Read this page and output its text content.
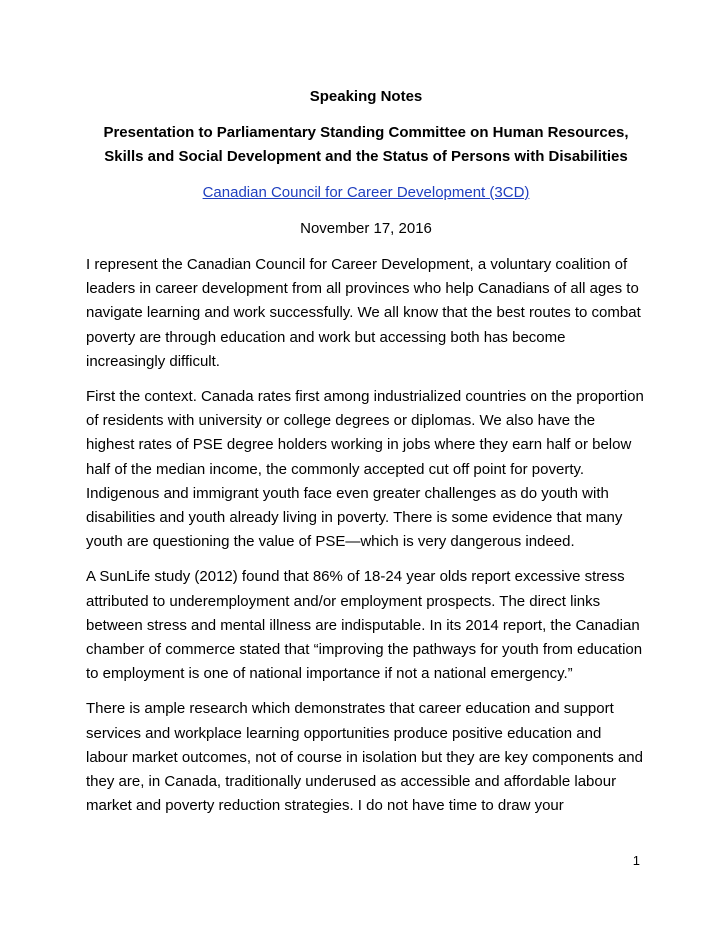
Speaking Notes
Presentation to Parliamentary Standing Committee on Human Resources, Skills and Social Development and the Status of Persons with Disabilities
Canadian Council for Career Development (3CD)
November 17, 2016

I represent the Canadian Council for Career Development, a voluntary coalition of leaders in career development from all provinces who help Canadians of all ages to navigate learning and work successfully. We all know that the best routes to combat poverty are through education and work but accessing both has become increasingly difficult.

First the context. Canada rates first among industrialized countries on the proportion of residents with university or college degrees or diplomas. We also have the highest rates of PSE degree holders working in jobs where they earn half or below half of the median income, the commonly accepted cut off point for poverty. Indigenous and immigrant youth face even greater challenges as do youth with disabilities and youth already living in poverty. There is some evidence that many youth are questioning the value of PSE—which is very dangerous indeed.

A SunLife study (2012) found that 86% of 18-24 year olds report excessive stress attributed to underemployment and/or employment prospects. The direct links between stress and mental illness are indisputable. In its 2014 report, the Canadian chamber of commerce stated that “improving the pathways for youth from education to employment is one of national importance if not a national emergency.”

There is ample research which demonstrates that career education and support services and workplace learning opportunities produce positive education and labour market outcomes, not of course in isolation but they are key components and they are, in Canada, traditionally underused as accessible and affordable labour market and poverty reduction strategies. I do not have time to draw your

1
